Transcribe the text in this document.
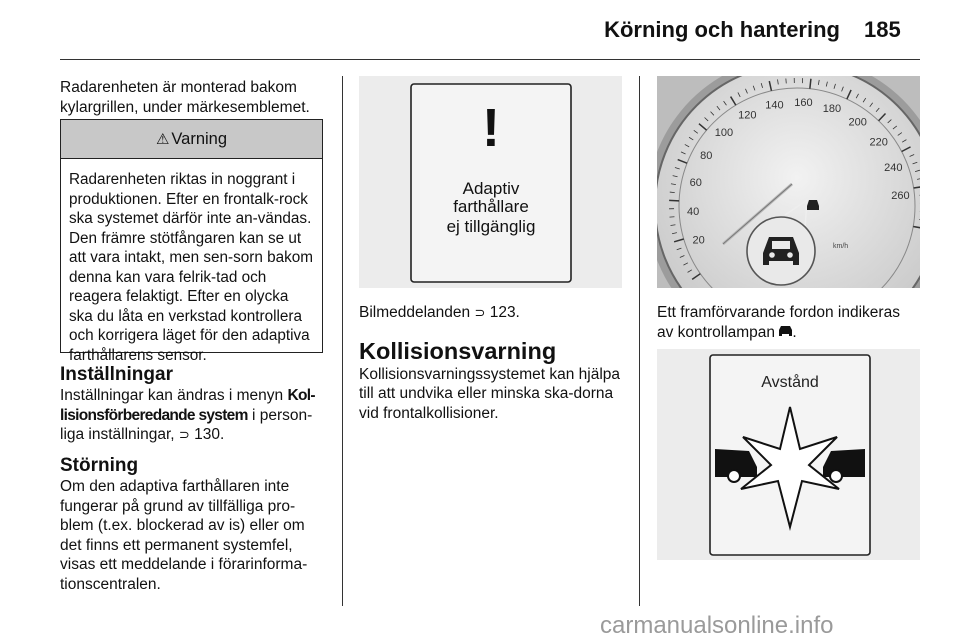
Körning och hantering 185

Radarenheten är monterad bakom kylargrillen, under märkesemblemet.

⚠ Varning
Radarenheten riktas in noggrant i produktionen. Efter en frontalk-rock ska systemet därför inte an-vändas. Den främre stötfångaren kan se ut att vara intakt, men sen-sorn bakom denna kan vara felrik-tad och reagera felaktigt. Efter en olycka ska du låta en verkstad kontrollera och korrigera läget för den adaptiva farthållarens sensor.
Inställningar

Inställningar kan ändras i menyn Kol-lisionsförberedande system i person-liga inställningar, ⊃ 130.

Störning

Om den adaptiva farthållaren inte fungerar på grund av tillfälliga pro-blem (t.ex. blockerad av is) eller om det finns ett permanent systemfel, visas ett meddelande i förarinforma-tionscentralen.

!
Adaptiv
farthållare
ej tillgänglig

Bilmeddelanden ⊃ 123.

Kollisionsvarning

Kollisionsvarningssystemet kan hjälpa till att undvika eller minska ska-dorna vid frontalkollisioner.

20
40
60
80
100
120
140 160 180
200
220
240
260
km/h

Ett framförvarande fordon indikeras av kontrollampan .

Avstånd
carmanualsonline.info
